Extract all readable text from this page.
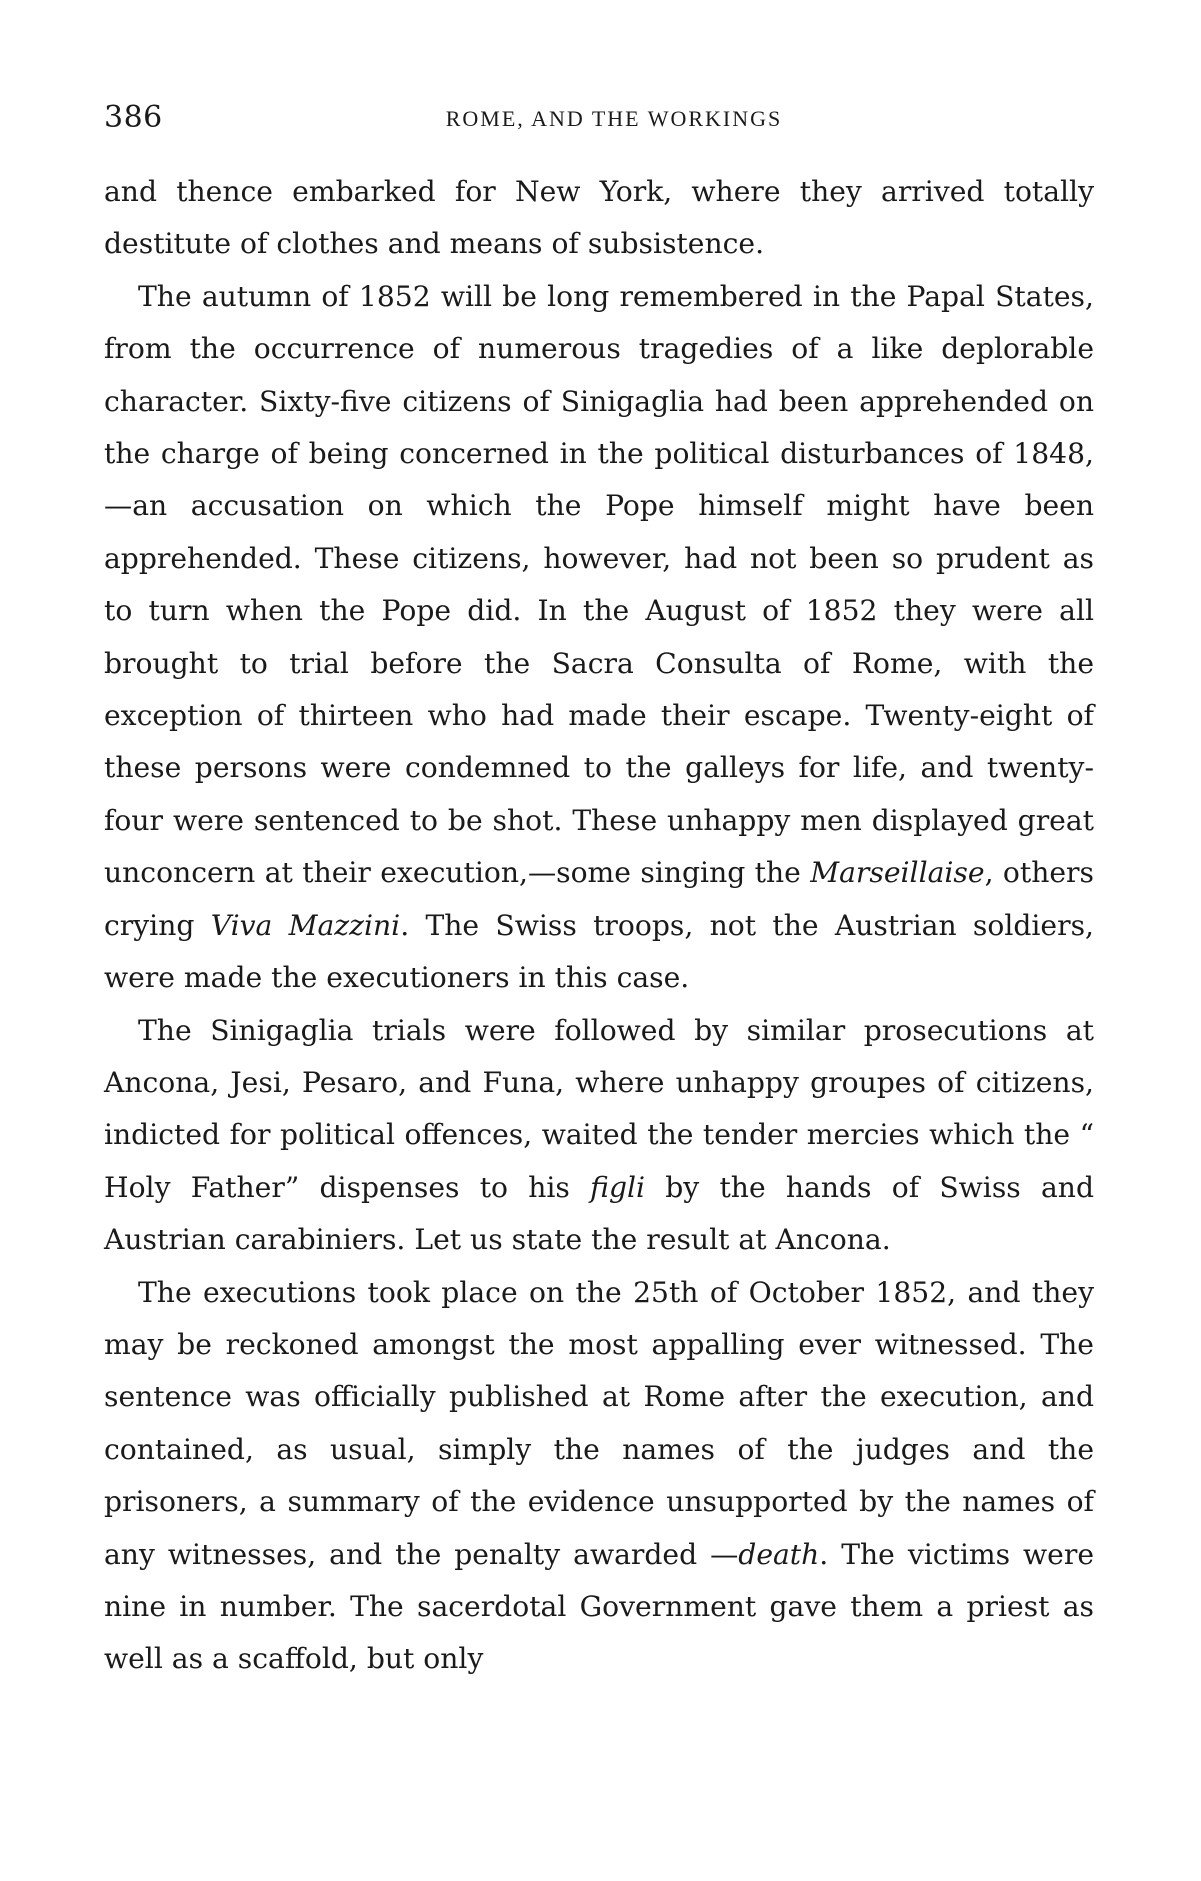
386	ROME, AND THE WORKINGS

and thence embarked for New York, where they arrived totally destitute of clothes and means of subsistence.

The autumn of 1852 will be long remembered in the Papal States, from the occurrence of numerous tragedies of a like deplorable character. Sixty-five citizens of Sinigaglia had been apprehended on the charge of being concerned in the political disturbances of 1848,—an accusation on which the Pope himself might have been apprehended. These citizens, however, had not been so prudent as to turn when the Pope did. In the August of 1852 they were all brought to trial before the Sacra Consulta of Rome, with the exception of thirteen who had made their escape. Twenty-eight of these persons were condemned to the galleys for life, and twenty-four were sentenced to be shot. These unhappy men displayed great unconcern at their execution,—some singing the Marseillaise, others crying Viva Mazzini. The Swiss troops, not the Austrian soldiers, were made the executioners in this case.

The Sinigaglia trials were followed by similar prosecutions at Ancona, Jesi, Pesaro, and Funa, where unhappy groupes of citizens, indicted for political offences, waited the tender mercies which the “ Holy Father” dispenses to his figli by the hands of Swiss and Austrian carabiniers. Let us state the result at Ancona.

The executions took place on the 25th of October 1852, and they may be reckoned amongst the most appalling ever witnessed. The sentence was officially published at Rome after the execution, and contained, as usual, simply the names of the judges and the prisoners, a summary of the evidence unsupported by the names of any witnesses, and the penalty awarded —death. The victims were nine in number. The sacerdotal Government gave them a priest as well as a scaffold, but only
